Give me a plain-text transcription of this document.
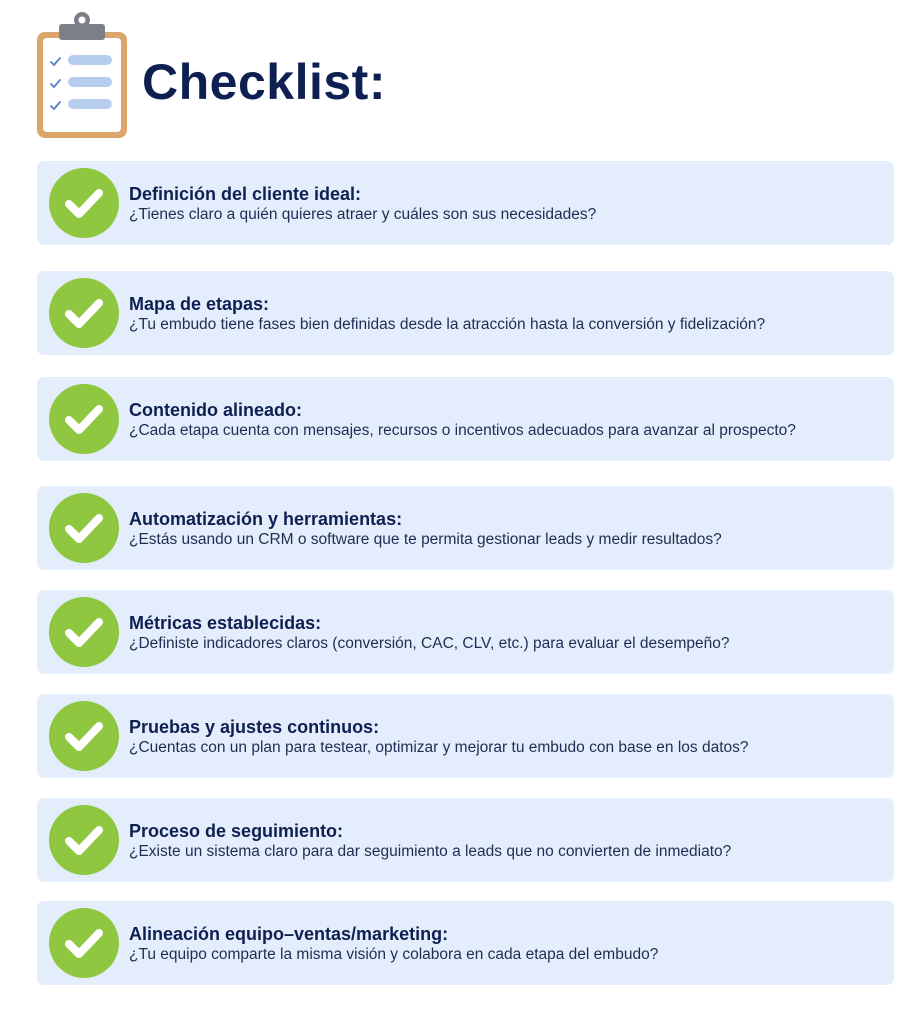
Checklist:
Definición del cliente ideal:
¿Tienes claro a quién quieres atraer y cuáles son sus necesidades?
Mapa de etapas:
¿Tu embudo tiene fases bien definidas desde la atracción hasta la conversión y fidelización?
Contenido alineado:
¿Cada etapa cuenta con mensajes, recursos o incentivos adecuados para avanzar al prospecto?
Automatización y herramientas:
¿Estás usando un CRM o software que te permita gestionar leads y medir resultados?
Métricas establecidas:
¿Definiste indicadores claros (conversión, CAC, CLV, etc.) para evaluar el desempeño?
Pruebas y ajustes continuos:
¿Cuentas con un plan para testear, optimizar y mejorar tu embudo con base en los datos?
Proceso de seguimiento:
¿Existe un sistema claro para dar seguimiento a leads que no convierten de inmediato?
Alineación equipo–ventas/marketing:
¿Tu equipo comparte la misma visión y colabora en cada etapa del embudo?
